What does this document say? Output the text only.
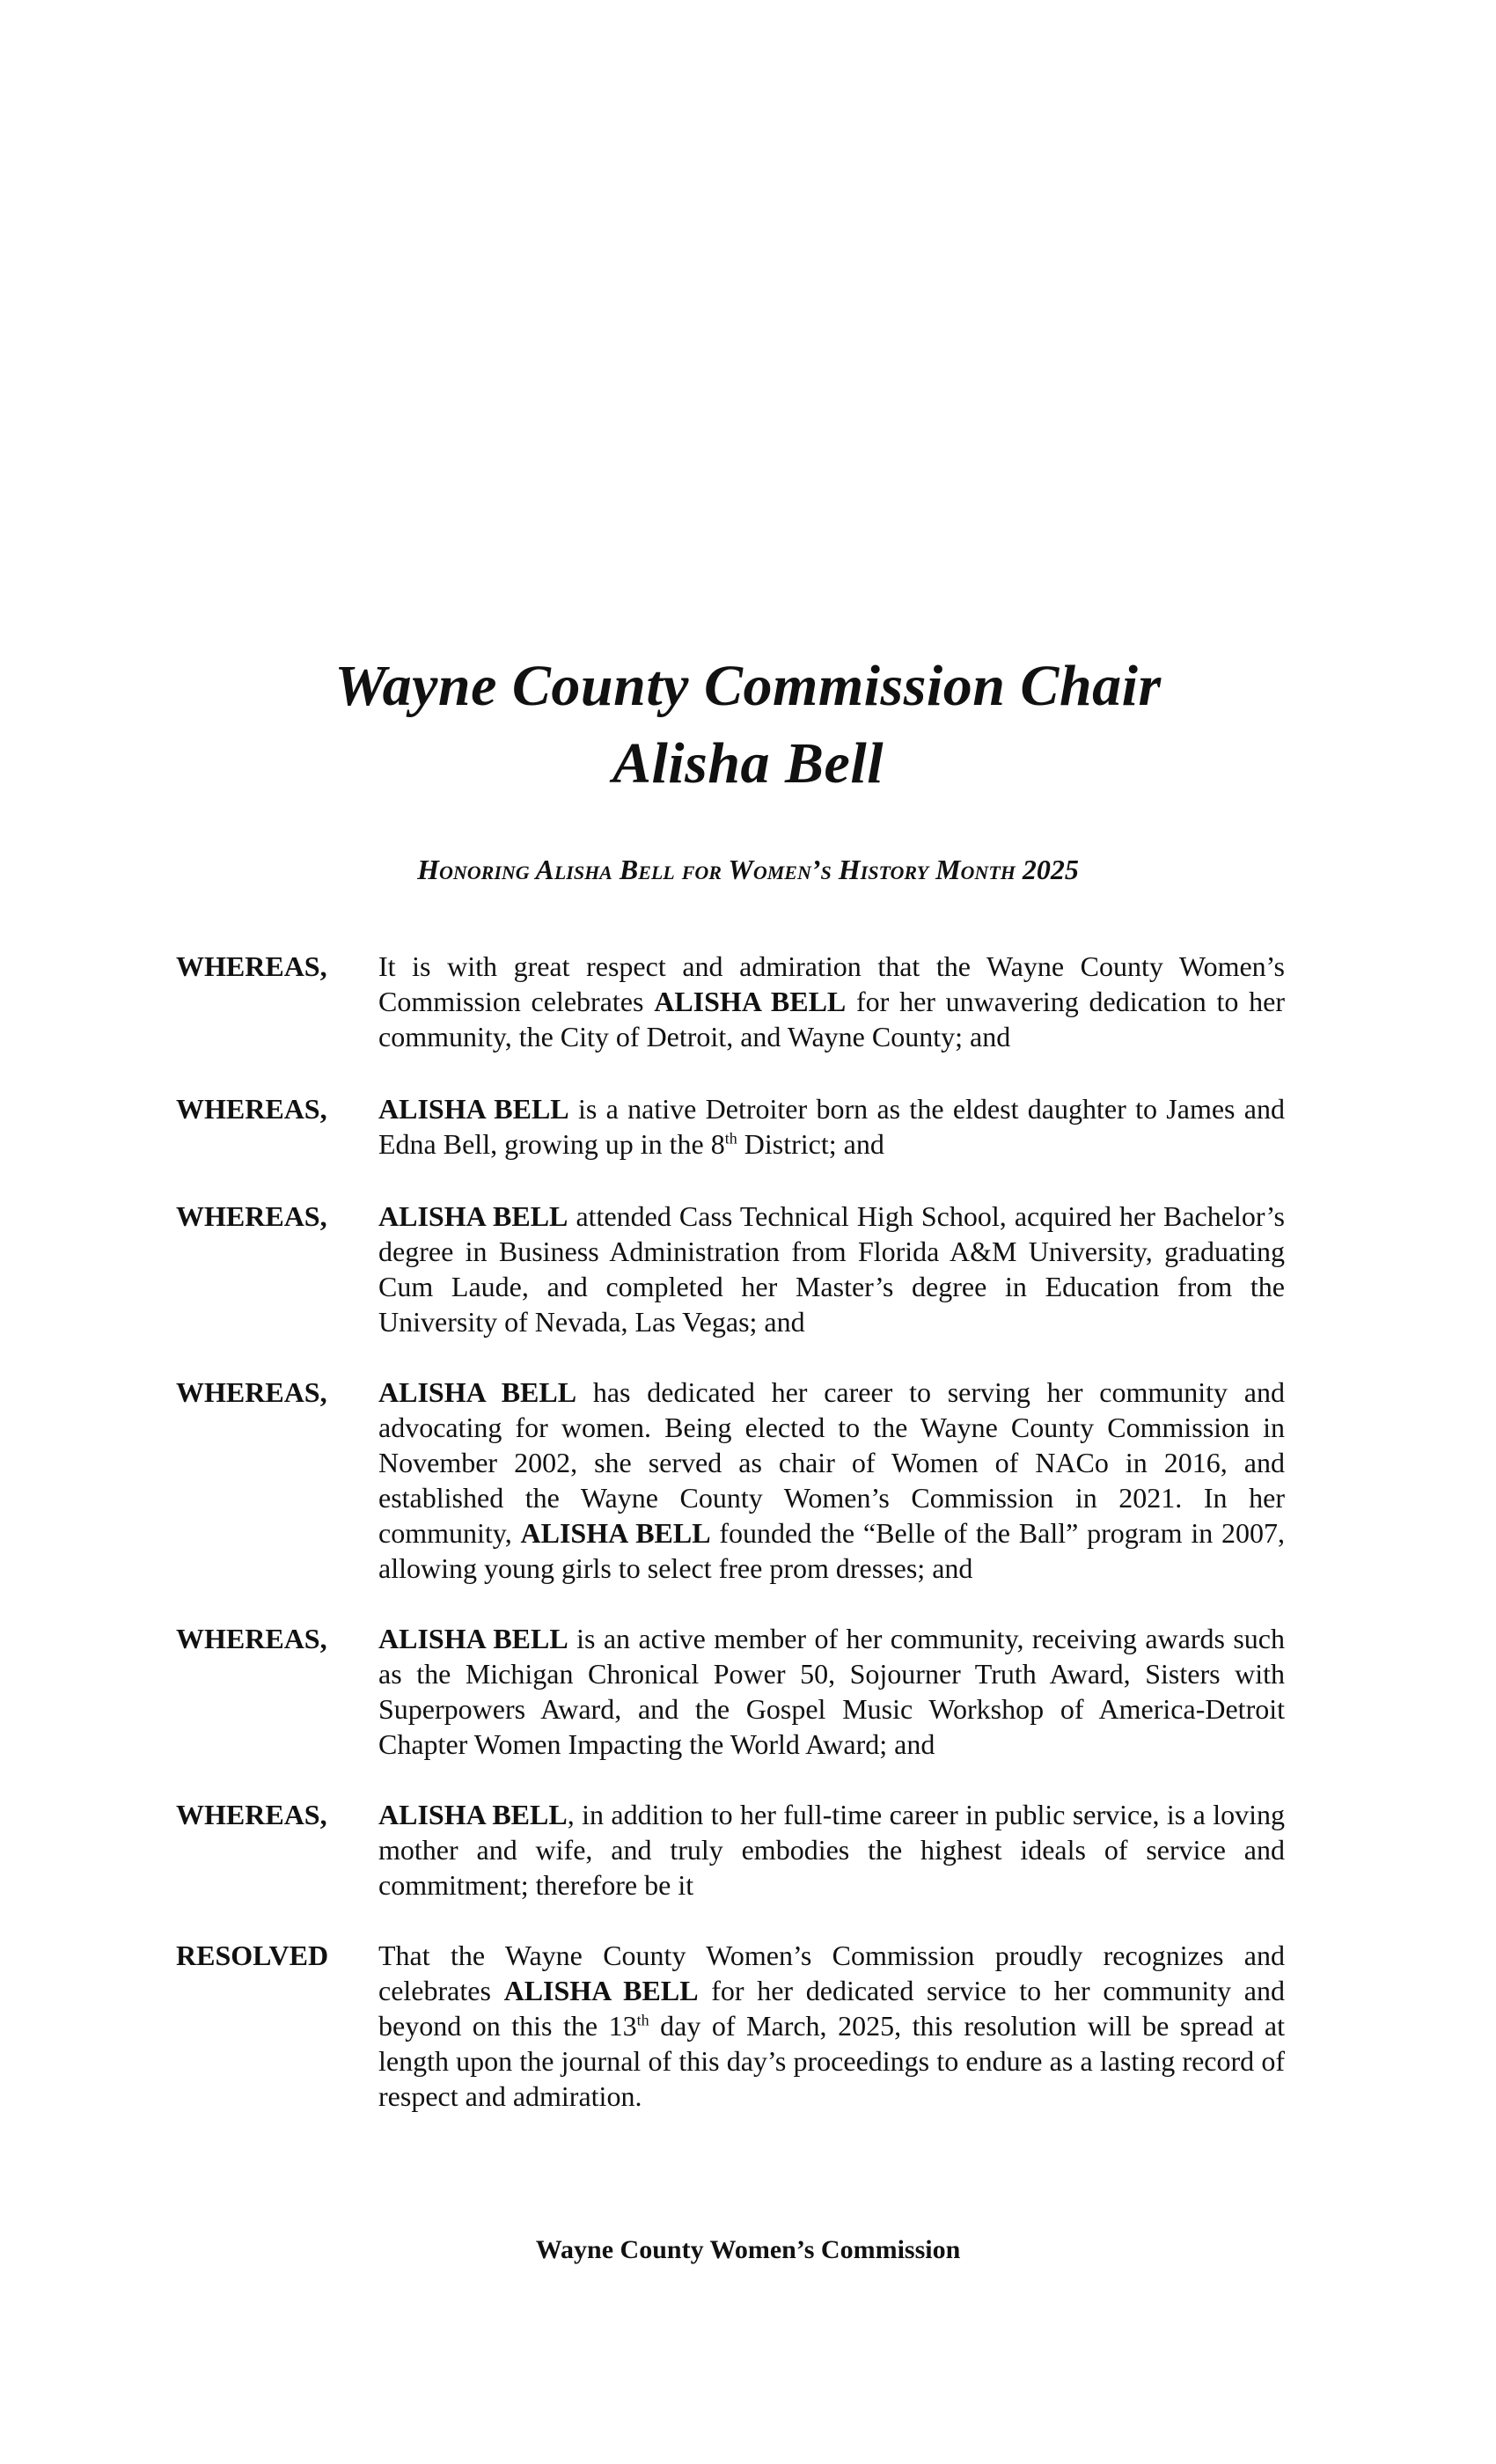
Wayne County Commission Chair
Alisha Bell
Honoring Alisha Bell for Women’s History Month 2025
WHEREAS,	It is with great respect and admiration that the Wayne County Women’s Commission celebrates ALISHA BELL for her unwavering dedication to her community, the City of Detroit, and Wayne County; and
WHEREAS,	ALISHA BELL is a native Detroiter born as the eldest daughter to James and Edna Bell, growing up in the 8th District; and
WHEREAS,	ALISHA BELL attended Cass Technical High School, acquired her Bachelor’s degree in Business Administration from Florida A&M University, graduating Cum Laude, and completed her Master’s degree in Education from the University of Nevada, Las Vegas; and
WHEREAS,	ALISHA BELL has dedicated her career to serving her community and advocating for women. Being elected to the Wayne County Commission in November 2002, she served as chair of Women of NACo in 2016, and established the Wayne County Women’s Commission in 2021. In her community, ALISHA BELL founded the “Belle of the Ball” program in 2007, allowing young girls to select free prom dresses; and
WHEREAS,	ALISHA BELL is an active member of her community, receiving awards such as the Michigan Chronical Power 50, Sojourner Truth Award, Sisters with Superpowers Award, and the Gospel Music Workshop of America-Detroit Chapter Women Impacting the World Award; and
WHEREAS,	ALISHA BELL, in addition to her full-time career in public service, is a loving mother and wife, and truly embodies the highest ideals of service and commitment; therefore be it
RESOLVED	That the Wayne County Women’s Commission proudly recognizes and celebrates ALISHA BELL for her dedicated service to her community and beyond on this the 13th day of March, 2025, this resolution will be spread at length upon the journal of this day’s proceedings to endure as a lasting record of respect and admiration.
Wayne County Women’s Commission
